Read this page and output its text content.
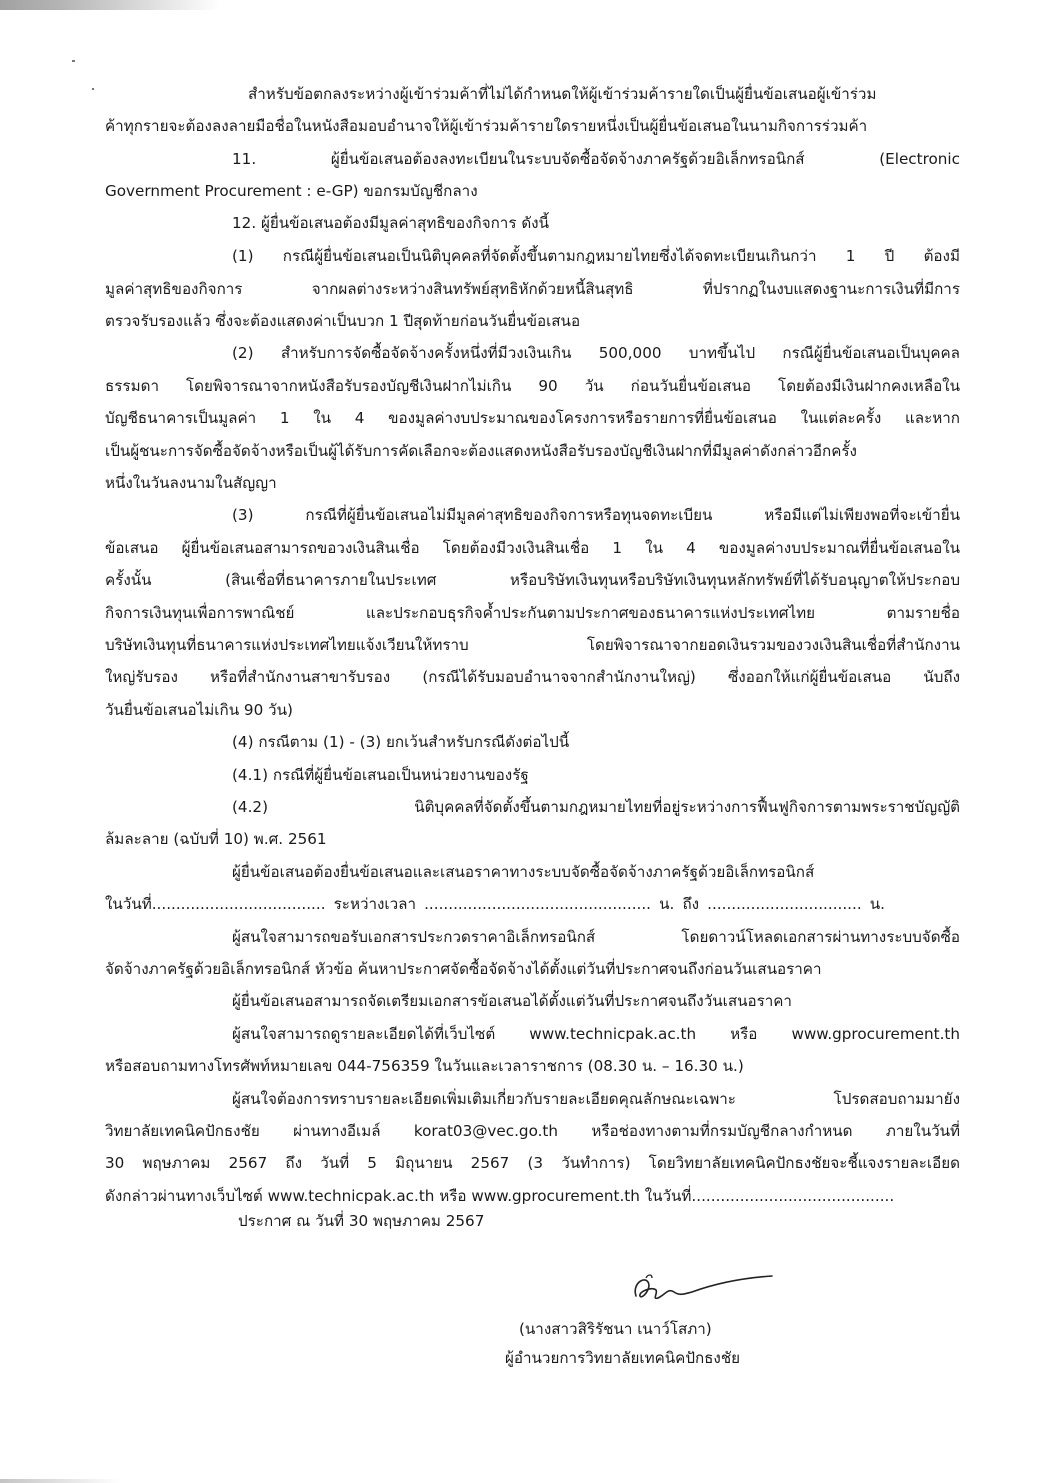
สำหรับข้อตกลงระหว่างผู้เข้าร่วมค้าที่ไม่ได้กำหนดให้ผู้เข้าร่วมค้ารายใดเป็นผู้ยื่นข้อเสนอผู้เข้าร่วม
ค้าทุกรายจะต้องลงลายมือชื่อในหนังสือมอบอำนาจให้ผู้เข้าร่วมค้ารายใดรายหนึ่งเป็นผู้ยื่นข้อเสนอในนามกิจการร่วมค้า
11. ผู้ยื่นข้อเสนอต้องลงทะเบียนในระบบจัดซื้อจัดจ้างภาครัฐด้วยอิเล็กทรอนิกส์ (Electronic
Government Procurement : e-GP) ขอกรมบัญชีกลาง
12. ผู้ยื่นข้อเสนอต้องมีมูลค่าสุทธิของกิจการ ดังนี้
(1) กรณีผู้ยื่นข้อเสนอเป็นนิติบุคคลที่จัดตั้งขึ้นตามกฎหมายไทยซึ่งได้จดทะเบียนเกินกว่า 1 ปี ต้องมี
มูลค่าสุทธิของกิจการ จากผลต่างระหว่างสินทรัพย์สุทธิหักด้วยหนี้สินสุทธิ ที่ปรากฏในงบแสดงฐานะการเงินที่มีการ
ตรวจรับรองแล้ว ซึ่งจะต้องแสดงค่าเป็นบวก 1 ปีสุดท้ายก่อนวันยื่นข้อเสนอ
(2) สำหรับการจัดซื้อจัดจ้างครั้งหนึ่งที่มีวงเงินเกิน 500,000 บาทขึ้นไป กรณีผู้ยื่นข้อเสนอเป็นบุคคล
ธรรมดา โดยพิจารณาจากหนังสือรับรองบัญชีเงินฝากไม่เกิน 90 วัน ก่อนวันยื่นข้อเสนอ โดยต้องมีเงินฝากคงเหลือใน
บัญชีธนาคารเป็นมูลค่า 1 ใน 4 ของมูลค่างบประมาณของโครงการหรือรายการที่ยื่นข้อเสนอ ในแต่ละครั้ง และหาก
เป็นผู้ชนะการจัดซื้อจัดจ้างหรือเป็นผู้ได้รับการคัดเลือกจะต้องแสดงหนังสือรับรองบัญชีเงินฝากที่มีมูลค่าดังกล่าวอีกครั้ง
หนึ่งในวันลงนามในสัญญา
(3) กรณีที่ผู้ยื่นข้อเสนอไม่มีมูลค่าสุทธิของกิจการหรือทุนจดทะเบียน หรือมีแต่ไม่เพียงพอที่จะเข้ายื่น
ข้อเสนอ ผู้ยื่นข้อเสนอสามารถขอวงเงินสินเชื่อ โดยต้องมีวงเงินสินเชื่อ 1 ใน 4 ของมูลค่างบประมาณที่ยื่นข้อเสนอใน
ครั้งนั้น (สินเชื่อที่ธนาคารภายในประเทศ หรือบริษัทเงินทุนหรือบริษัทเงินทุนหลักทรัพย์ที่ได้รับอนุญาตให้ประกอบ
กิจการเงินทุนเพื่อการพาณิชย์ และประกอบธุรกิจค้ำประกันตามประกาศของธนาคารแห่งประเทศไทย ตามรายชื่อ
บริษัทเงินทุนที่ธนาคารแห่งประเทศไทยแจ้งเวียนให้ทราบ โดยพิจารณาจากยอดเงินรวมของวงเงินสินเชื่อที่สำนักงาน
ใหญ่รับรอง หรือที่สำนักงานสาขารับรอง (กรณีได้รับมอบอำนาจจากสำนักงานใหญ่) ซึ่งออกให้แก่ผู้ยื่นข้อเสนอ นับถึง
วันยื่นข้อเสนอไม่เกิน 90 วัน)
(4) กรณีตาม (1) - (3) ยกเว้นสำหรับกรณีดังต่อไปนี้
(4.1) กรณีที่ผู้ยื่นข้อเสนอเป็นหน่วยงานของรัฐ
(4.2) นิติบุคคลที่จัดตั้งขึ้นตามกฎหมายไทยที่อยู่ระหว่างการฟื้นฟูกิจการตามพระราชบัญญัติ
ล้มละลาย (ฉบับที่ 10) พ.ศ. 2561
ผู้ยื่นข้อเสนอต้องยื่นข้อเสนอและเสนอราคาทางระบบจัดซื้อจัดจ้างภาครัฐด้วยอิเล็กทรอนิกส์
ในวันที่.................................... ระหว่างเวลา ............................................... น. ถึง ................................ น.
ผู้สนใจสามารถขอรับเอกสารประกวดราคาอิเล็กทรอนิกส์ โดยดาวน์โหลดเอกสารผ่านทางระบบจัดซื้อ
จัดจ้างภาครัฐด้วยอิเล็กทรอนิกส์ หัวข้อ ค้นหาประกาศจัดซื้อจัดจ้างได้ตั้งแต่วันที่ประกาศจนถึงก่อนวันเสนอราคา
ผู้ยื่นข้อเสนอสามารถจัดเตรียมเอกสารข้อเสนอได้ตั้งแต่วันที่ประกาศจนถึงวันเสนอราคา
ผู้สนใจสามารถดูรายละเอียดได้ที่เว็บไซต์ www.technicpak.ac.th หรือ www.gprocurement.th
หรือสอบถามทางโทรศัพท์หมายเลข 044-756359 ในวันและเวลาราชการ (08.30 น. – 16.30 น.)
ผู้สนใจต้องการทราบรายละเอียดเพิ่มเติมเกี่ยวกับรายละเอียดคุณลักษณะเฉพาะ โปรดสอบถามมายัง
วิทยาลัยเทคนิคปักธงชัย ผ่านทางอีเมล์ korat03@vec.go.th หรือช่องทางตามที่กรมบัญชีกลางกำหนด ภายในวันที่
30 พฤษภาคม 2567 ถึง วันที่ 5 มิถุนายน 2567 (3 วันทำการ) โดยวิทยาลัยเทคนิคปักธงชัยจะชี้แจงรายละเอียด
ดังกล่าวผ่านทางเว็บไซต์ www.technicpak.ac.th หรือ www.gprocurement.th ในวันที่..........................................
ประกาศ ณ วันที่ 30 พฤษภาคม 2567
(นางสาวสิริรัชนา เนาว์โสภา)
ผู้อำนวยการวิทยาลัยเทคนิคปักธงชัย
